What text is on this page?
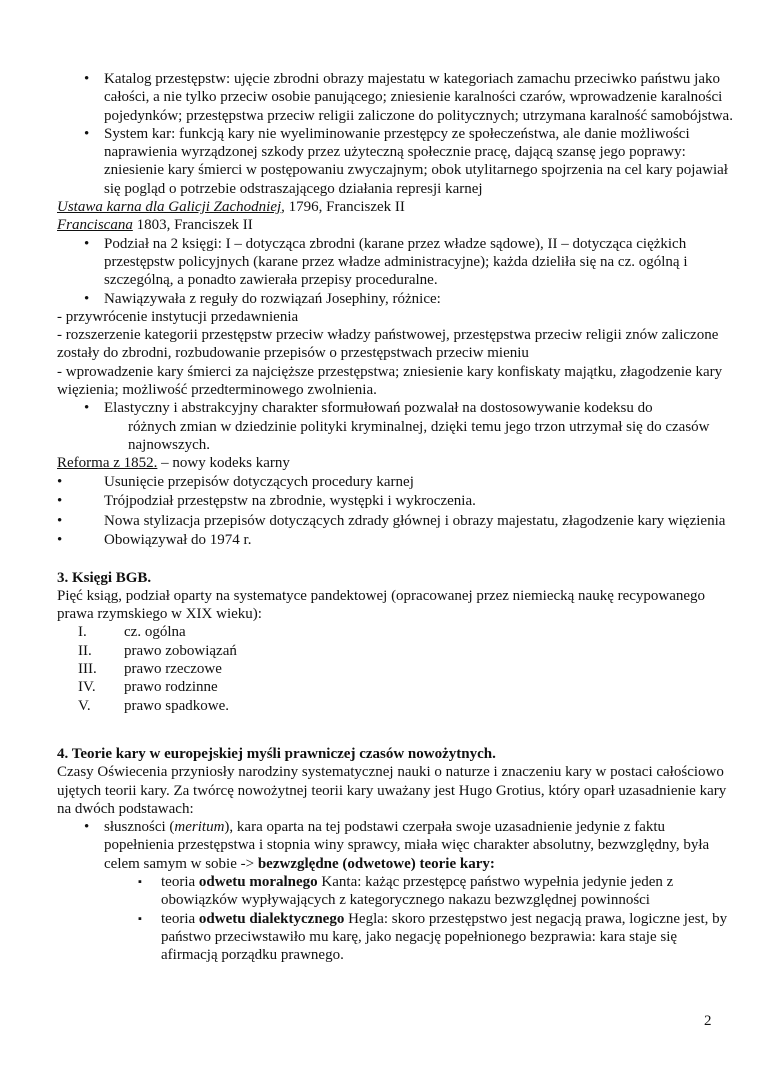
• Katalog przestępstw: ujęcie zbrodni obrazy majestatu w kategoriach zamachu przeciwko państwu jako całości, a nie tylko przeciw osobie panującego; zniesienie karalności czarów, wprowadzenie karalności pojedynków; przestępstwa przeciw religii zaliczone do politycznych; utrzymana karalność samobójstwa.
• System kar: funkcją kary nie wyeliminowanie przestępcy ze społeczeństwa, ale danie możliwości naprawienia wyrządzonej szkody przez użyteczną społecznie pracę, dającą szansę jego poprawy: zniesienie kary śmierci w postępowaniu zwyczajnym; obok utylitarnego spojrzenia na cel kary pojawiał się pogląd o potrzebie odstraszającego działania represji karnej
Ustawa karna dla Galicji Zachodniej, 1796, Franciszek II
Franciscana 1803, Franciszek II
• Podział na 2 księgi: I – dotycząca zbrodni (karane przez władze sądowe), II – dotycząca ciężkich przestępstw policyjnych (karane przez władze administracyjne); każda dzieliła się na cz. ogólną i szczególną, a ponadto zawierała przepisy proceduralne.
• Nawiązywała z reguły do rozwiązań Josephiny, różnice:
- przywrócenie instytucji przedawnienia
- rozszerzenie kategorii przestępstw przeciw władzy państwowej, przestępstwa przeciw religii znów zaliczone zostały do zbrodni, rozbudowanie przepisów o przestępstwach przeciw mieniu
- wprowadzenie kary śmierci za najcięższe przestępstwa; zniesienie kary konfiskaty majątku, złagodzenie kary więzienia; możliwość przedterminowego zwolnienia.
• Elastyczny i abstrakcyjny charakter sformułowań pozwalał na dostosowywanie kodeksu do
różnych zmian w dziedzinie polityki kryminalnej, dzięki temu jego trzon utrzymał się do czasów najnowszych.
Reforma z 1852. – nowy kodeks karny
• Usunięcie przepisów dotyczących procedury karnej
• Trójpodział przestępstw na zbrodnie, występki i wykroczenia.
• Nowa stylizacja przepisów dotyczących zdrady głównej i obrazy majestatu, złagodzenie kary więzienia
• Obowiązywał do 1974 r.
3. Księgi BGB.
Pięć ksiąg, podział oparty na systematyce pandektowej (opracowanej przez niemiecką naukę recypowanego prawa rzymskiego w XIX wieku):
I.	cz. ogólna
II.	prawo zobowiązań
III.	prawo rzeczowe
IV.	prawo rodzinne
V.	prawo spadkowe.
4. Teorie kary w europejskiej myśli prawniczej czasów nowożytnych.
Czasy Oświecenia przyniosły narodziny systematycznej nauki o naturze i znaczeniu kary w postaci całościowo ujętych teorii kary. Za twórcę nowożytnej teorii kary uważany jest Hugo Grotius, który oparł uzasadnienie kary na dwóch podstawach:
• słuszności (meritum), kara oparta na tej podstawi czerpała swoje uzasadnienie jedynie z faktu popełnienia przestępstwa i stopnia winy sprawcy, miała więc charakter absolutny, bezwzględny, była celem samym w sobie -> bezwzględne (odwetowe) teorie kary:
▪ teoria odwetu moralnego Kanta: każąc przestępcę państwo wypełnia jedynie jeden z obowiązków wypływających z kategorycznego nakazu bezwzględnej powinności
▪ teoria odwetu dialektycznego Hegla: skoro przestępstwo jest negacją prawa, logiczne jest, by państwo przeciwstawiło mu karę, jako negację popełnionego bezprawia: kara staje się afirmacją porządku prawnego.
2
